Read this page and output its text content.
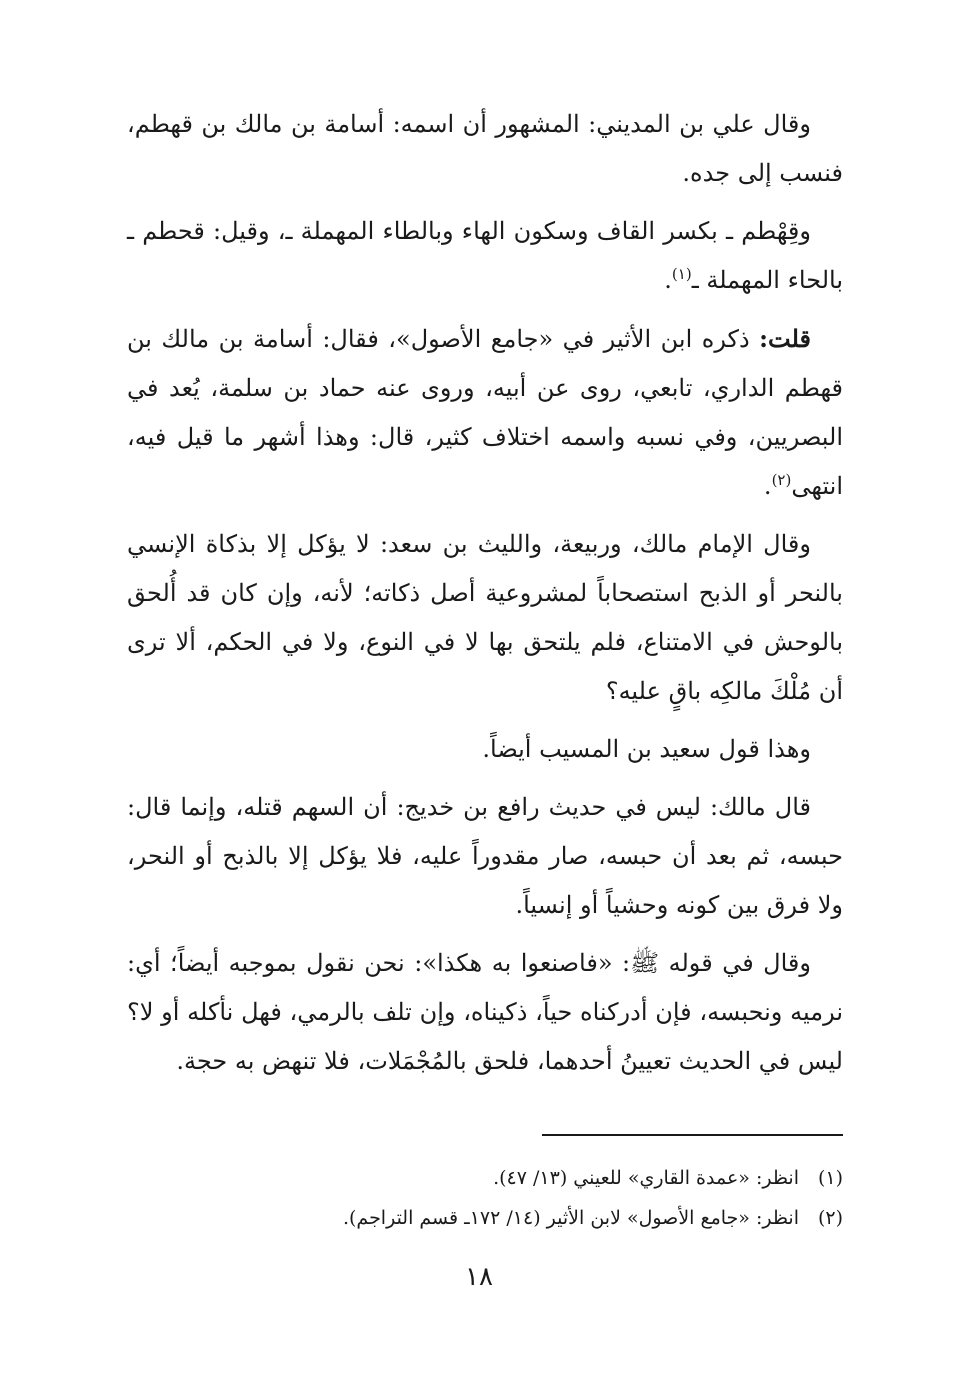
وقال علي بن المديني: المشهور أن اسمه: أسامة بن مالك بن قهطم، فنسب إلى جده.

وقِهْطم ـ بكسر القاف وسكون الهاء وبالطاء المهملة ـ، وقيل: قحطم ـ بالحاء المهملة ـ$^{(١)}$.

قلت: ذكره ابن الأثير في «جامع الأصول»، فقال: أسامة بن مالك بن قهطم الداري، تابعي، روى عن أبيه، وروى عنه حماد بن سلمة، يُعد في البصريين، وفي نسبه واسمه اختلاف كثير، قال: وهذا أشهر ما قيل فيه، انتهى$^{(٢)}$.

وقال الإمام مالك، وربيعة، والليث بن سعد: لا يؤكل إلا بذكاة الإنسي بالنحر أو الذبح استصحاباً لمشروعية أصل ذكاته؛ لأنه، وإن كان قد أُلحق بالوحش في الامتناع، فلم يلتحق بها لا في النوع، ولا في الحكم، ألا ترى أن مُلْكَ مالكِه باقٍ عليه؟

وهذا قول سعيد بن المسيب أيضاً.

قال مالك: ليس في حديث رافع بن خديج: أن السهم قتله، وإنما قال: حبسه، ثم بعد أن حبسه، صار مقدوراً عليه، فلا يؤكل إلا بالذبح أو النحر، ولا فرق بين كونه وحشياً أو إنسياً.

وقال في قوله ﷺ: «فاصنعوا به هكذا»: نحن نقول بموجبه أيضاً؛ أي: نرميه ونحبسه، فإن أدركناه حياً، ذكيناه، وإن تلف بالرمي، فهل نأكله أو لا؟ ليس في الحديث تعيينُ أحدهما، فلحق بالمُجْمَلات، فلا تنهض به حجة.

(١)انظر: «عمدة القاري» للعيني (١٣/ ٤٧).

(٢)انظر: «جامع الأصول» لابن الأثير (١٤/ ١٧٢ـ قسم التراجم).

١٨
